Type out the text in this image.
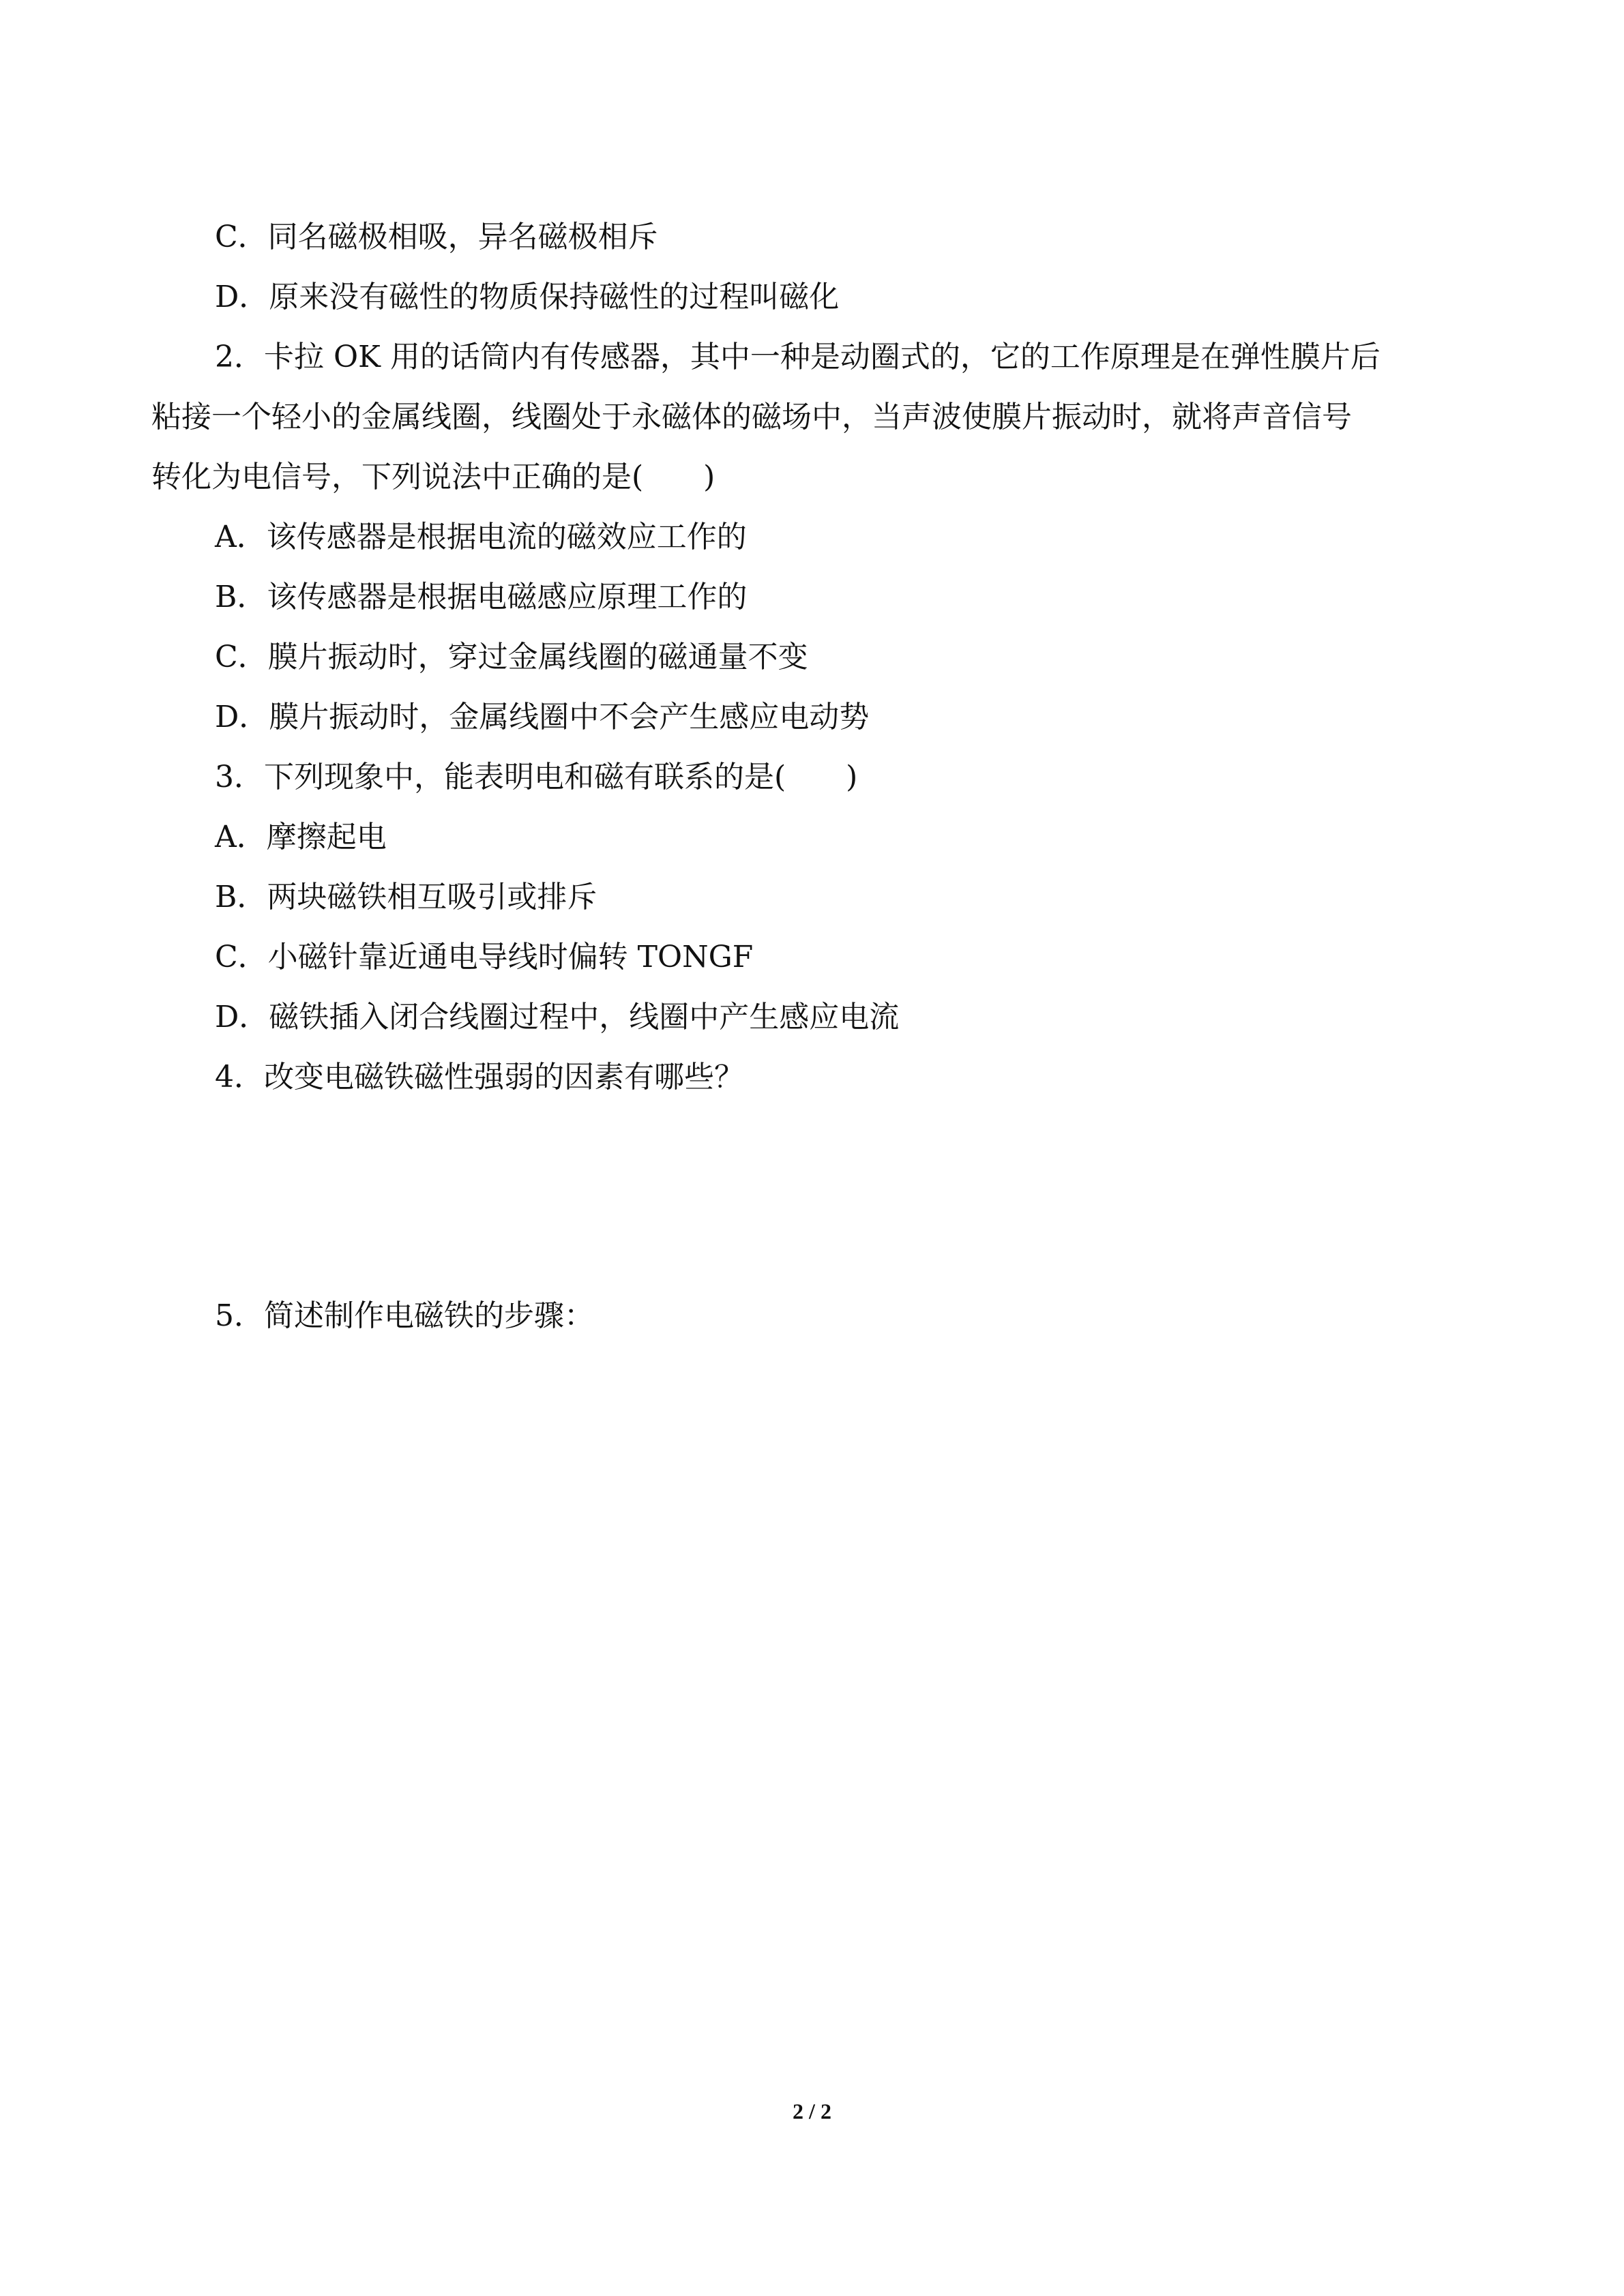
C．同名磁极相吸，异名磁极相斥
D．原来没有磁性的物质保持磁性的过程叫磁化
2．卡拉 OK 用的话筒内有传感器，其中一种是动圈式的，它的工作原理是在弹性膜片后
粘接一个轻小的金属线圈，线圈处于永磁体的磁场中，当声波使膜片振动时，就将声音信号
转化为电信号，下列说法中正确的是(　　)
A．该传感器是根据电流的磁效应工作的
B．该传感器是根据电磁感应原理工作的
C．膜片振动时，穿过金属线圈的磁通量不变
D．膜片振动时，金属线圈中不会产生感应电动势
3．下列现象中，能表明电和磁有联系的是(　　)
A．摩擦起电
B．两块磁铁相互吸引或排斥
C．小磁针靠近通电导线时偏转 TONGF
D．磁铁插入闭合线圈过程中，线圈中产生感应电流
4．改变电磁铁磁性强弱的因素有哪些？
5．简述制作电磁铁的步骤：
2 / 2
